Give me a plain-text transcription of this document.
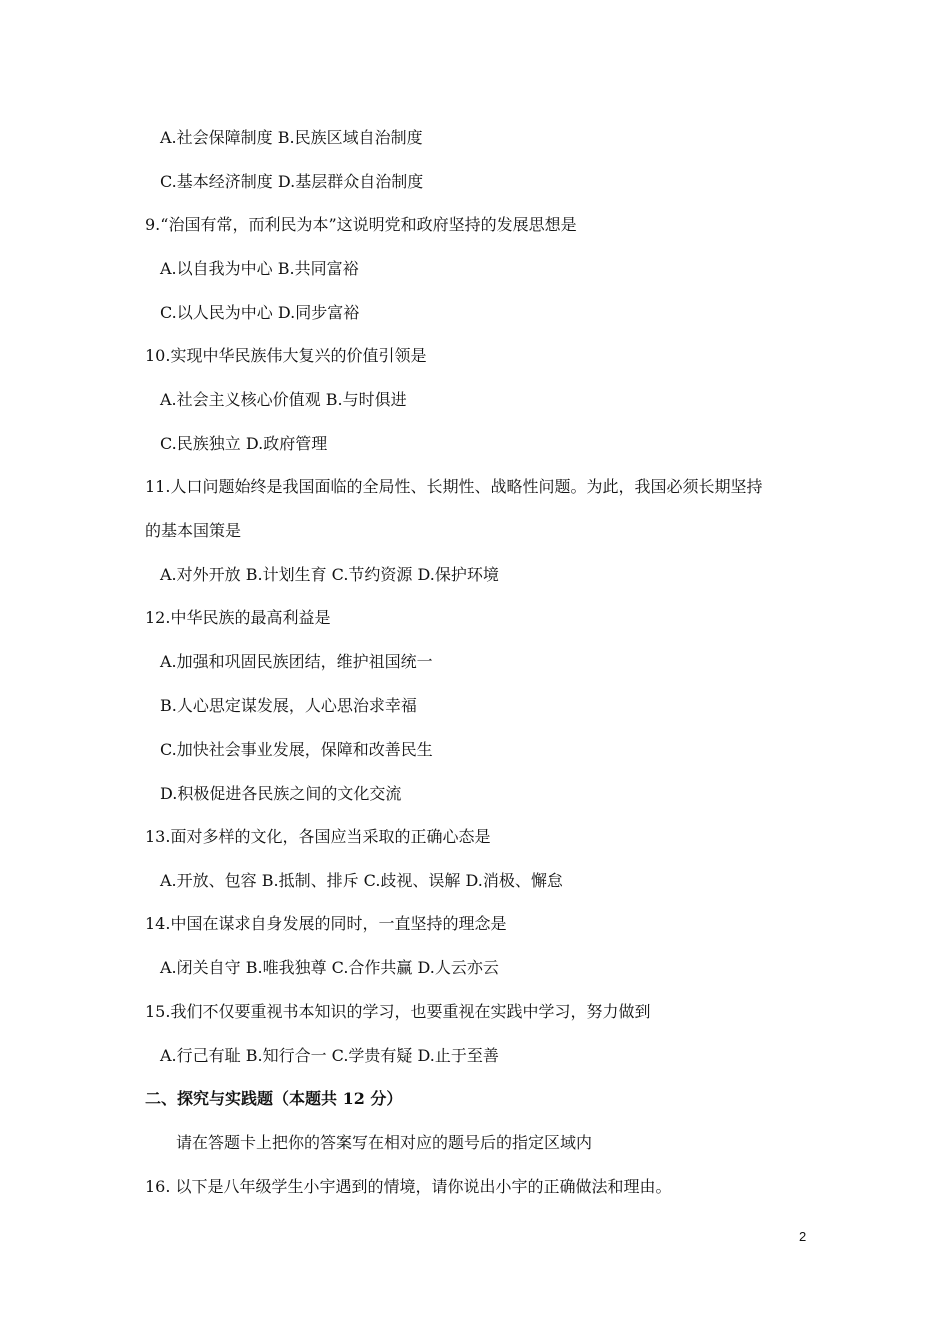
A.社会保障制度 B.民族区域自治制度
C.基本经济制度 D.基层群众自治制度
9.“治国有常，而利民为本”这说明党和政府坚持的发展思想是
A.以自我为中心 B.共同富裕
C.以人民为中心 D.同步富裕
10.实现中华民族伟大复兴的价值引领是
A.社会主义核心价值观 B.与时俱进
C.民族独立 D.政府管理
11.人口问题始终是我国面临的全局性、长期性、战略性问题。为此，我国必须长期坚持
的基本国策是
A.对外开放 B.计划生育 C.节约资源 D.保护环境
12.中华民族的最高利益是
A.加强和巩固民族团结，维护祖国统一
B.人心思定谋发展，人心思治求幸福
C.加快社会事业发展，保障和改善民生
D.积极促进各民族之间的文化交流
13.面对多样的文化，各国应当采取的正确心态是
A.开放、包容 B.抵制、排斥 C.歧视、误解 D.消极、懈怠
14.中国在谋求自身发展的同时，一直坚持的理念是
A.闭关自守 B.唯我独尊 C.合作共赢 D.人云亦云
15.我们不仅要重视书本知识的学习，也要重视在实践中学习，努力做到
A.行己有耻 B.知行合一 C.学贵有疑 D.止于至善
二、探究与实践题（本题共 12 分）
请在答题卡上把你的答案写在相对应的题号后的指定区域内
16. 以下是八年级学生小宇遇到的情境，请你说出小宇的正确做法和理由。
2
